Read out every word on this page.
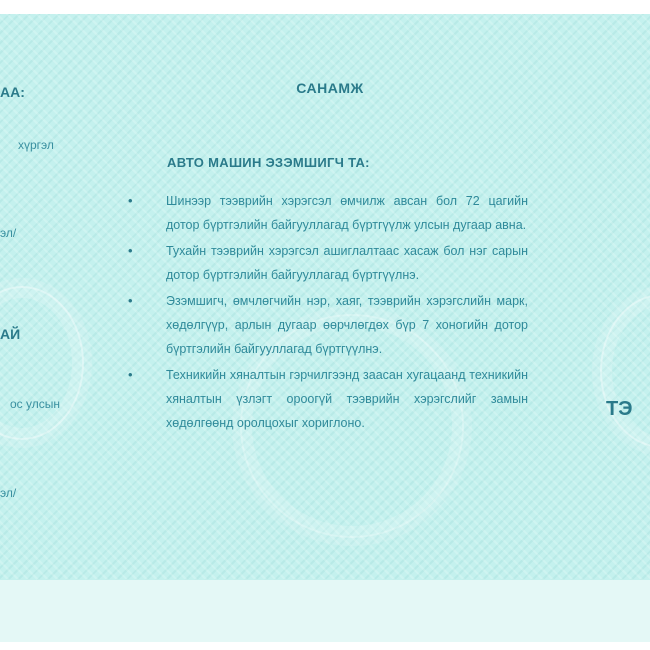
АА:
хүргэл
эл/
АЙ
ос улсын
эл/
ТЭ
САНАМЖ
АВТО МАШИН ЭЗЭМШИГЧ ТА:
•	Шинээр тээврийн хэрэгсэл өмчилж авсан бол 72 цагийн дотор бүртгэлийн байгууллагад бүртгүүлж улсын дугаар авна.
•	Тухайн тээврийн хэрэгсэл ашиглалтаас хасаж бол нэг сарын дотор бүртгэлийн байгууллагад бүртгүүлнэ.
•	Эзэмшигч, өмчлөгчийн нэр, хаяг, тээврийн хэрэгслийн марк, хөдөлгүүр, арлын дугаар өөрчлөгдөх бүр 7 хоногийн дотор бүртгэлийн байгууллагад бүртгүүлнэ.
•	Техникийн хяналтын гэрчилгээнд заасан хугацаанд техникийн хяналтын үзлэгт ороогүй тээврийн хэрэгслийг замын хөдөлгөөнд оролцохыг хориглоно.
